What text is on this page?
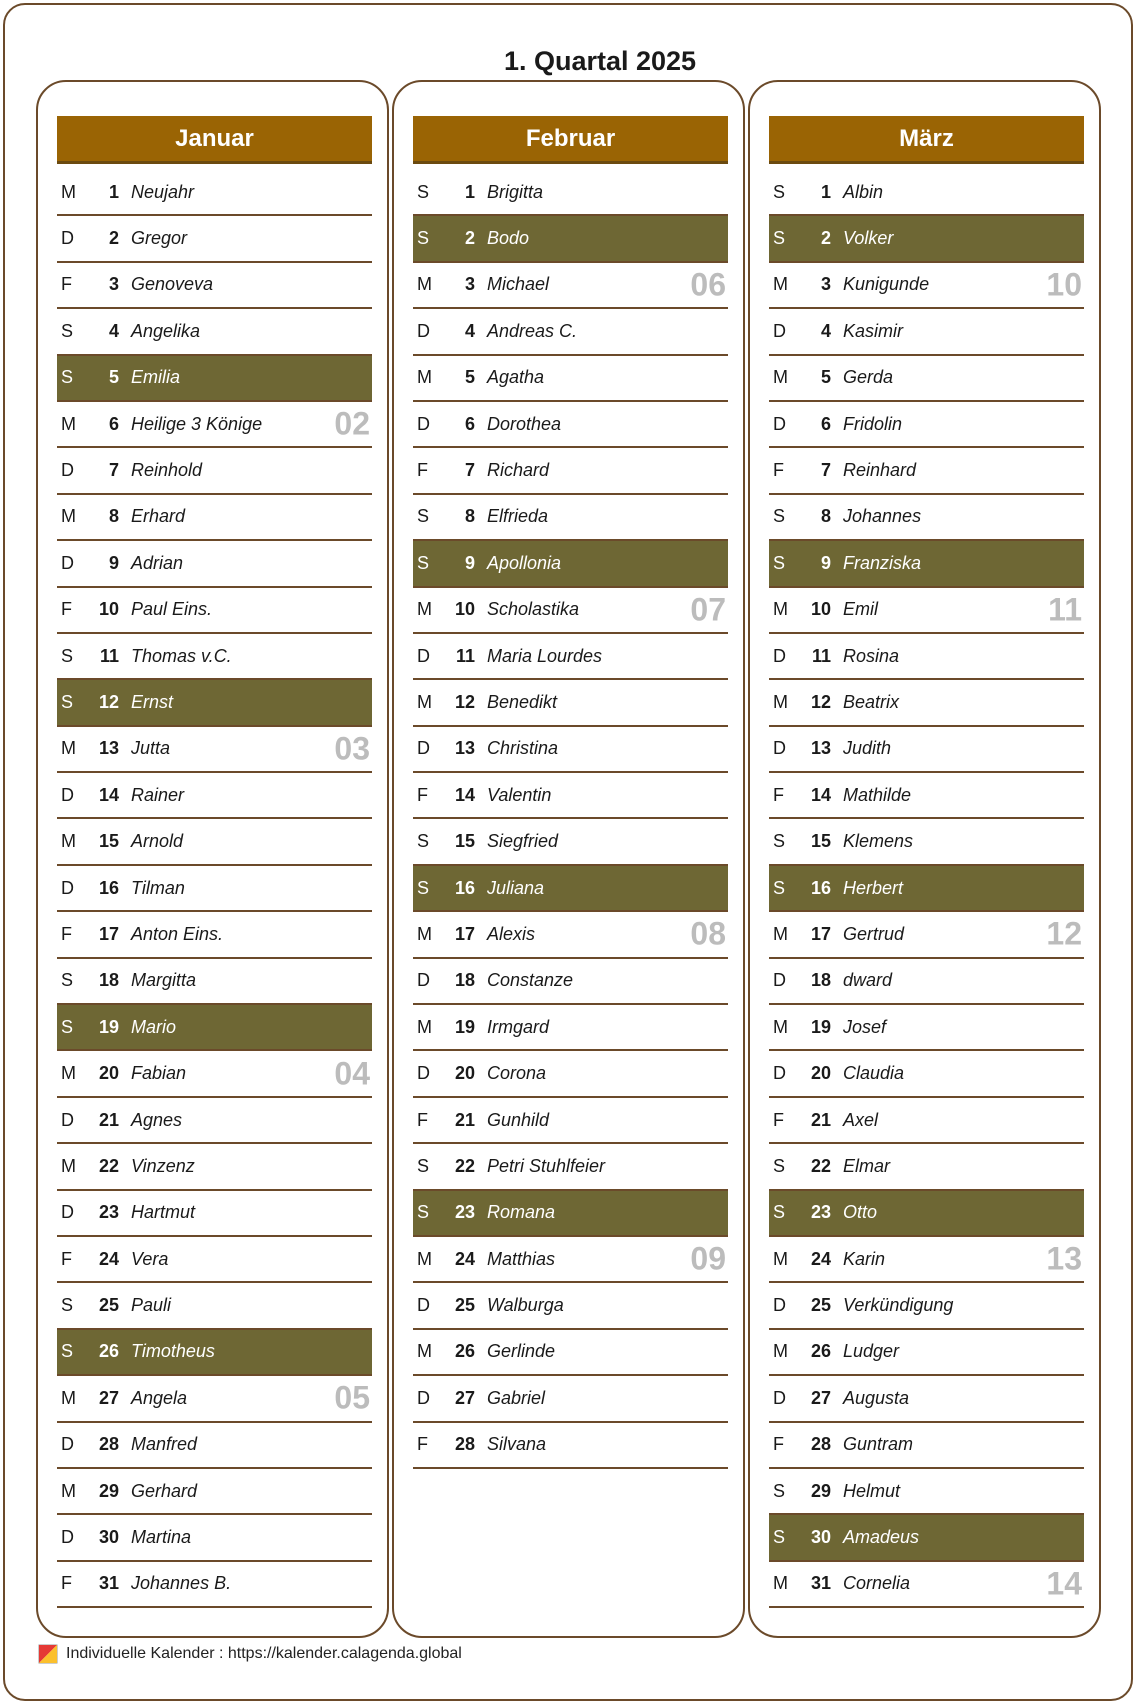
1. Quartal 2025
Januar
M	1 Neujahr
D	2 Gregor
F	3 Genoveva
S	4 Angelika
S	5 Emilia
M	6 Heilige 3 Könige 02
D	7 Reinhold
M	8 Erhard
D	9 Adrian
F	10 Paul Eins.
S	11 Thomas v.C.
S	12 Ernst
M	13 Jutta	03
D	14 Rainer
M	15 Arnold
D	16 Tilman
F	17 Anton Eins.
S	18 Margitta
S	19 Mario
M	20 Fabian	04
D	21 Agnes
M	22 Vinzenz
D	23 Hartmut
F	24 Vera
S	25 Pauli
S	26 Timotheus
M	27 Angela	05
D	28 Manfred
M	29 Gerhard
D	30 Martina
F	31 Johannes B.
Februar
S	1 Brigitta
S	2 Bodo
M	3 Michael	06
D	4 Andreas C.
M	5 Agatha
D	6 Dorothea
F	7 Richard
S	8 Elfrieda
S	9 Apollonia
M	10 Scholastika	07
D	11 Maria Lourdes
M	12 Benedikt
D	13 Christina
F	14 Valentin
S	15 Siegfried
S	16 Juliana
M	17 Alexis	08
D	18 Constanze
M	19 Irmgard
D	20 Corona
F	21 Gunhild
S	22 Petri Stuhlfeier
S	23 Romana
M	24 Matthias	09
D	25 Walburga
M	26 Gerlinde
D	27 Gabriel
F	28 Silvana
März
S	1 Albin
S	2 Volker
M	3 Kunigunde	10
D	4 Kasimir
M	5 Gerda
D	6 Fridolin
F	7 Reinhard
S	8 Johannes
S	9 Franziska
M	10 Emil	11
D	11 Rosina
M	12 Beatrix
D	13 Judith
F	14 Mathilde
S	15 Klemens
S	16 Herbert
M	17 Gertrud	12
D	18 dward
M	19 Josef
D	20 Claudia
F	21 Axel
S	22 Elmar
S	23 Otto
M	24 Karin	13
D	25 Verkündigung
M	26 Ludger
D	27 Augusta
F	28 Guntram
S	29 Helmut
S	30 Amadeus
M	31 Cornelia	14
Individuelle Kalender : https://kalender.calagenda.global
